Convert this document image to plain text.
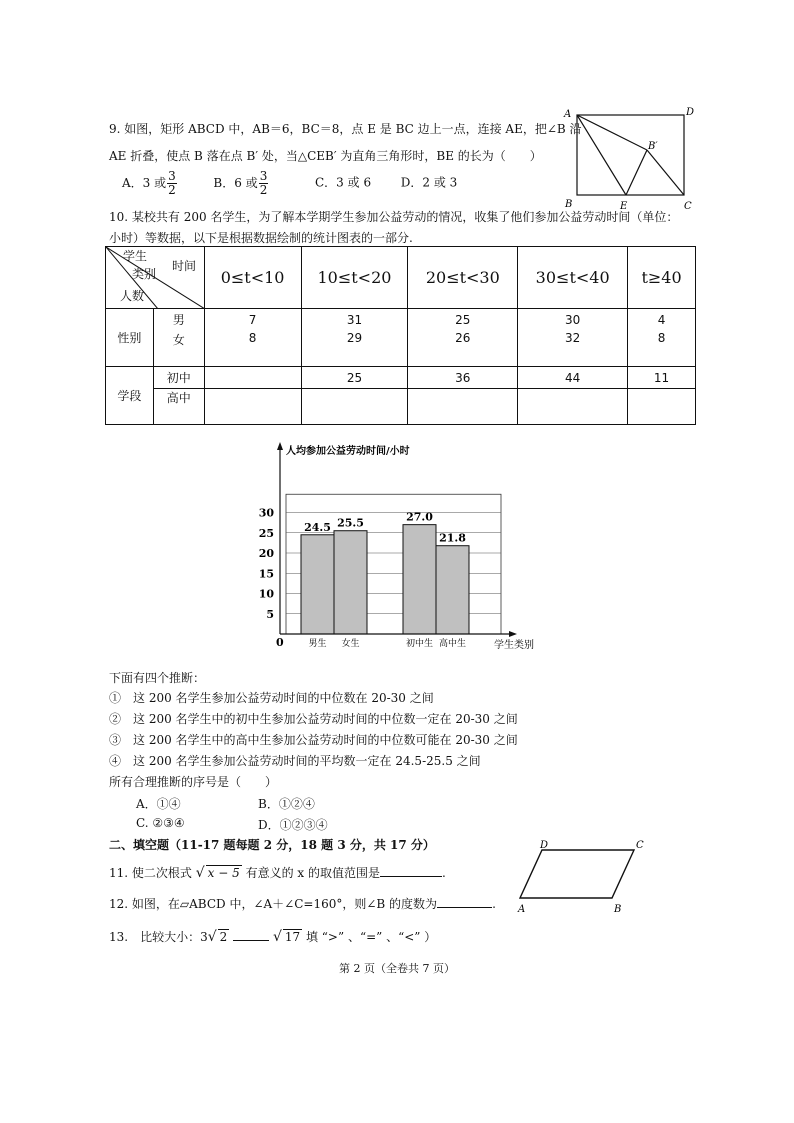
9. 如图，矩形 ABCD 中，AB＝6，BC＝8，点 E 是 BC 边上一点，连接 AE，把∠B 沿
AE 折叠，使点 B 落在点 B′ 处，当△CEB′ 为直角三角形时，BE 的长为（　　）
A．3 或 $\frac{3}{2}$	B．6 或 $\frac{3}{2}$	C．3 或 6 D．2 或 3
A	D
B	E	C
B′
10. 某校共有 200 名学生，为了解本学期学生参加公益劳动的情况，收集了他们参加公益劳动时间（单位：
小时）等数据，以下是根据数据绘制的统计图表的一部分.
学生
类别
时间
人数		0≤t<10	10≤t<20	20≤t<30	30≤t<40	t≥40
性别	男	7	31	25	30	4
	女	8	29	26	32	8
学段	初中		25	36	44	11
	高中					
5
10
15
20
25
30
24.5
男生
25.5
女生
27.0
初中生
21.8
高中生
人均参加公益劳动时间/小时
学生类别
0
下面有四个推断：
①　这 200 名学生参加公益劳动时间的中位数在 20-30 之间
②　这 200 名学生中的初中生参加公益劳动时间的中位数一定在 20-30 之间
③　这 200 名学生中的高中生参加公益劳动时间的中位数可能在 20-30 之间
④　这 200 名学生参加公益劳动时间的平均数一定在 24.5-25.5 之间
所有合理推断的序号是（　　）
A．①④	B．①②④
C. ②③④	D．①②③④
二、填空题（11-17 题每题 2 分，18 题 3 分，共 17 分）
11. 使二次根式 √ x − 5 有意义的 x 的取值范围是	.
D	C
A	B
12. 如图，在▱ABCD 中，∠A＋∠C=160°，则∠B 的度数为	.
13.　比较大小：3√ 2	√ 17 填 “>” 、“=” 、“<” ）
第 2 页（全卷共 7 页）
